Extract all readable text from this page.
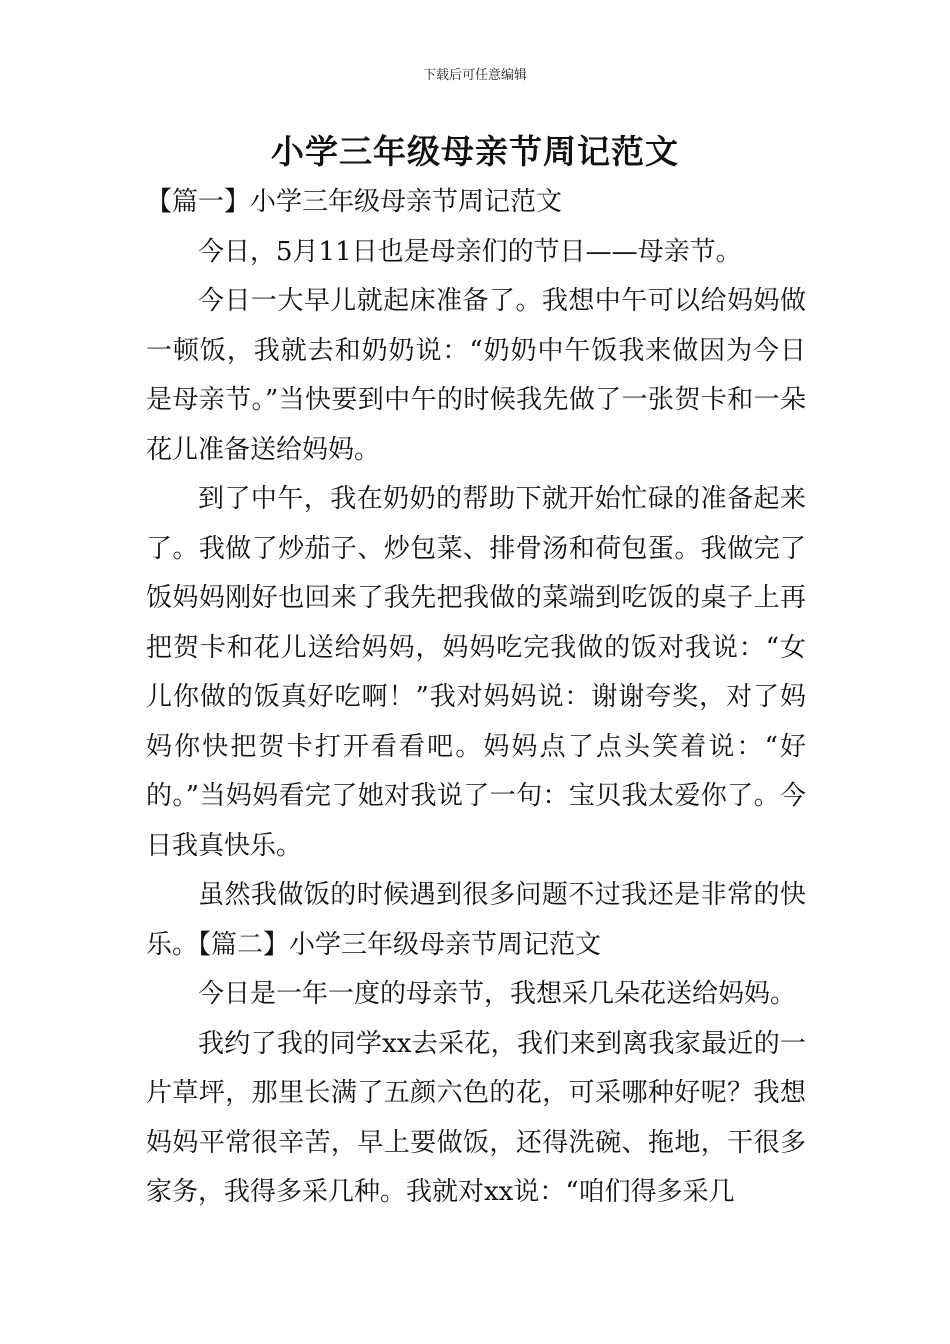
下载后可任意编辑
小学三年级母亲节周记范文

【篇一】小学三年级母亲节周记范文

今日，5月11日也是母亲们的节日——母亲节。

今日一大早儿就起床准备了。我想中午可以给妈妈做一顿饭，我就去和奶奶说：“奶奶中午饭我来做因为今日是母亲节。”当快要到中午的时候我先做了一张贺卡和一朵花儿准备送给妈妈。

到了中午，我在奶奶的帮助下就开始忙碌的准备起来了。我做了炒茄子、炒包菜、排骨汤和荷包蛋。我做完了饭妈妈刚好也回来了我先把我做的菜端到吃饭的桌子上再把贺卡和花儿送给妈妈，妈妈吃完我做的饭对我说：“女儿你做的饭真好吃啊！”我对妈妈说：谢谢夸奖，对了妈妈你快把贺卡打开看看吧。妈妈点了点头笑着说：“好的。”当妈妈看完了她对我说了一句：宝贝我太爱你了。今日我真快乐。

虽然我做饭的时候遇到很多问题不过我还是非常的快乐。【篇二】小学三年级母亲节周记范文

今日是一年一度的母亲节，我想采几朵花送给妈妈。

我约了我的同学xx去采花，我们来到离我家最近的一片草坪，那里长满了五颜六色的花，可采哪种好呢？我想妈妈平常很辛苦，早上要做饭，还得洗碗、拖地，干很多家务，我得多采几种。我就对xx说：“咱们得多采几
